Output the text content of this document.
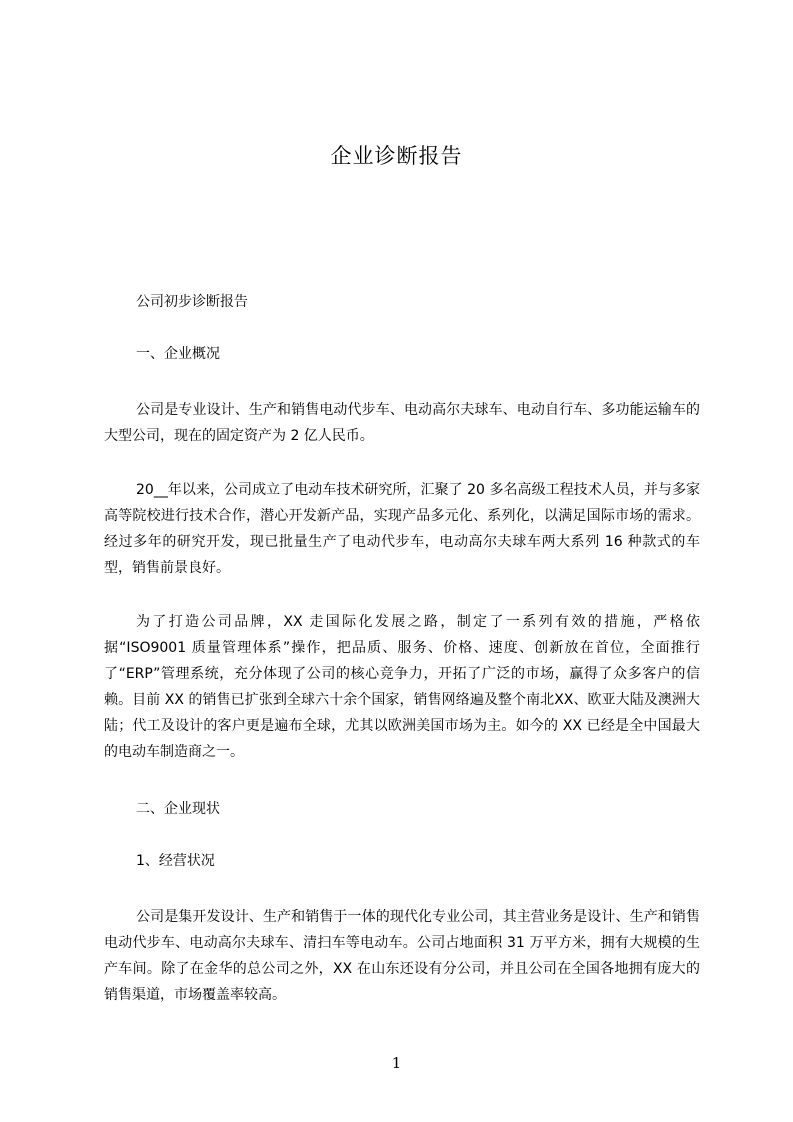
企业诊断报告
公司初步诊断报告
一、企业概况
公司是专业设计、生产和销售电动代步车、电动高尔夫球车、电动自行车、多功能运输车的大型公司，现在的固定资产为 2 亿人民币。
20__年以来，公司成立了电动车技术研究所，汇聚了 20 多名高级工程技术人员，并与多家高等院校进行技术合作，潜心开发新产品，实现产品多元化、系列化，以满足国际市场的需求。经过多年的研究开发，现已批量生产了电动代步车，电动高尔夫球车两大系列 16 种款式的车型，销售前景良好。
为了打造公司品牌，XX 走国际化发展之路，制定了一系列有效的措施，严格依据“ISO9001 质量管理体系”操作，把品质、服务、价格、速度、创新放在首位，全面推行了“ERP”管理系统，充分体现了公司的核心竞争力，开拓了广泛的市场，赢得了众多客户的信赖。目前 XX 的销售已扩张到全球六十余个国家，销售网络遍及整个南北XX、欧亚大陆及澳洲大陆；代工及设计的客户更是遍布全球，尤其以欧洲美国市场为主。如今的 XX 已经是全中国最大的电动车制造商之一。
二、企业现状
1、经营状况
公司是集开发设计、生产和销售于一体的现代化专业公司，其主营业务是设计、生产和销售电动代步车、电动高尔夫球车、清扫车等电动车。公司占地面积 31 万平方米，拥有大规模的生产车间。除了在金华的总公司之外，XX 在山东还设有分公司，并且公司在全国各地拥有庞大的销售渠道，市场覆盖率较高。
1
